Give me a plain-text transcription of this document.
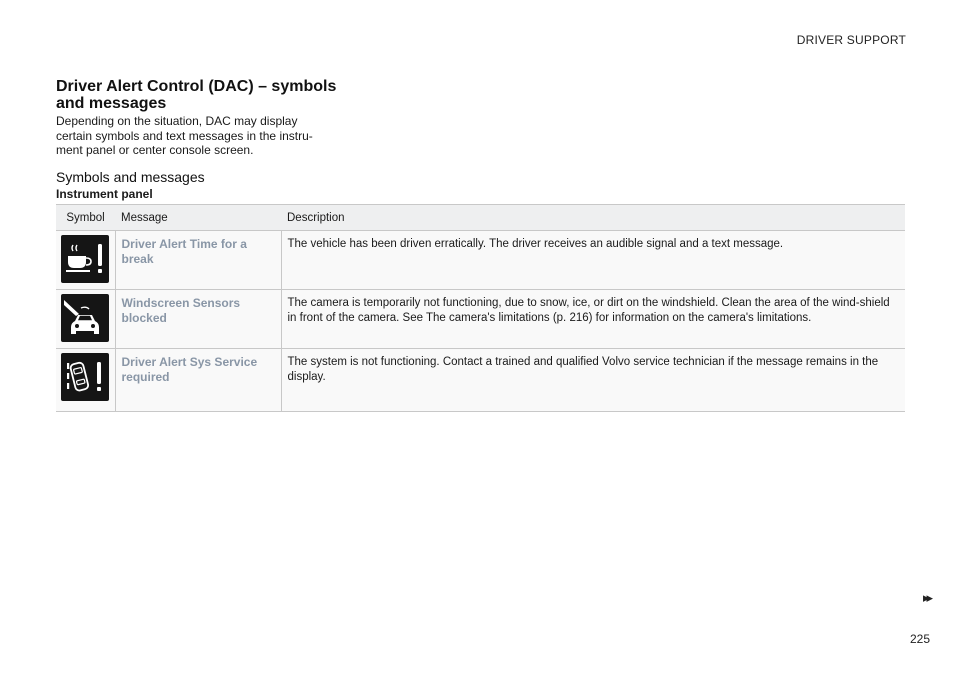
DRIVER SUPPORT
Driver Alert Control (DAC) – symbols and messages

Depending on the situation, DAC may display certain symbols and text messages in the instru-ment panel or center console screen.

Symbols and messages
Instrument panel
Symbol	Message	Description

	Driver Alert Time for a break	The vehicle has been driven erratically. The driver receives an audible signal and a text message.

	Windscreen Sensors blocked	The camera is temporarily not functioning, due to snow, ice, or dirt on the windshield. Clean the area of the wind-shield in front of the camera. See The camera's limitations (p. 216) for information on the camera's limitations.

	Driver Alert Sys Service required	The system is not functioning. Contact a trained and qualified Volvo service technician if the message remains in the display.
▸▸
225
